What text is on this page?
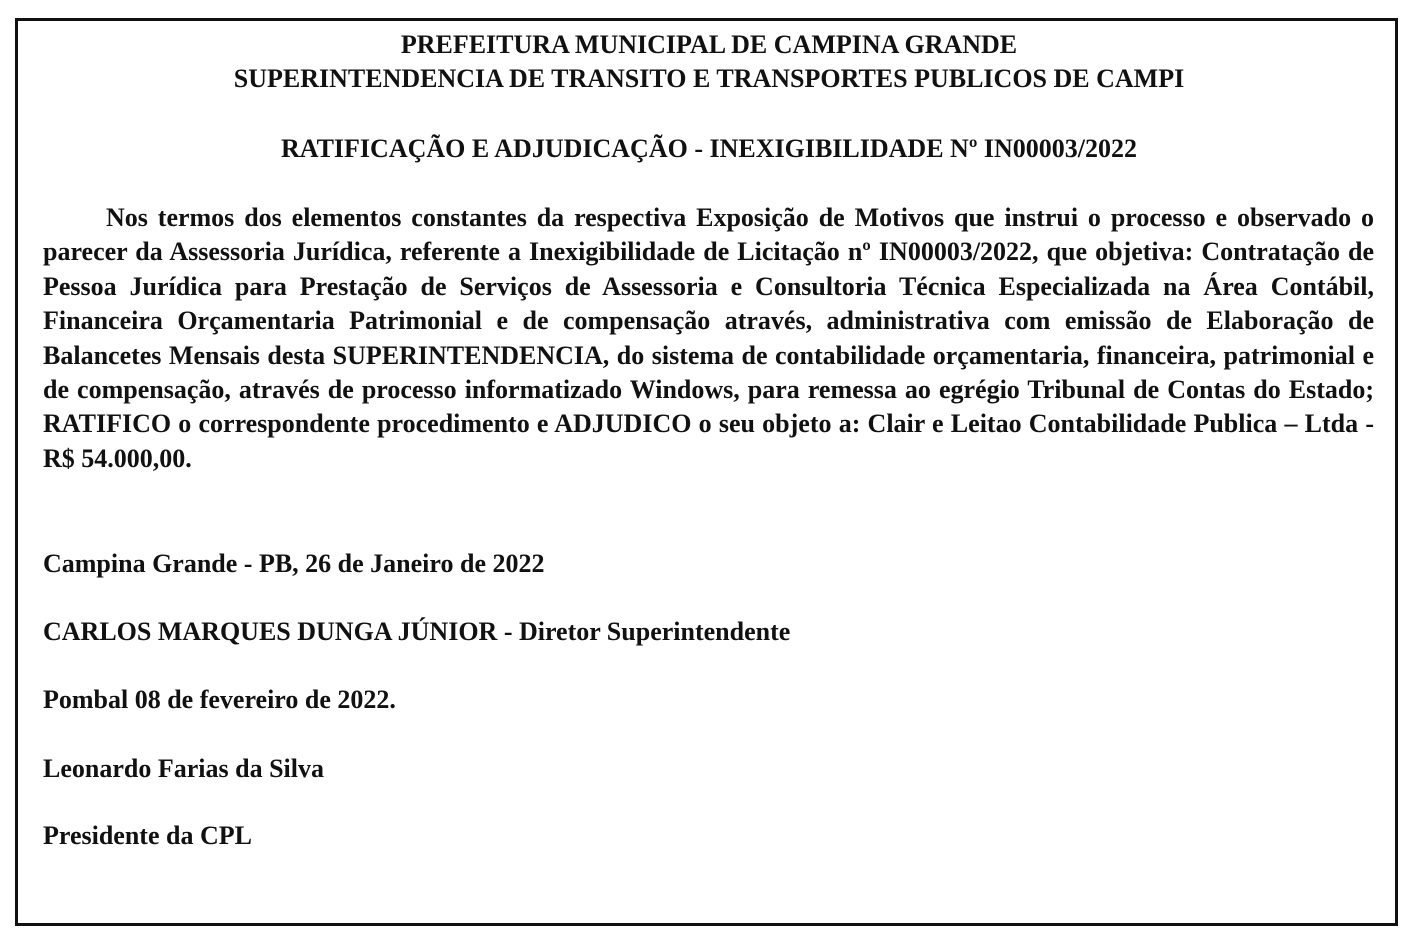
PREFEITURA MUNICIPAL DE CAMPINA GRANDE
SUPERINTENDENCIA DE TRANSITO E TRANSPORTES PUBLICOS DE CAMPI
RATIFICAÇÃO E ADJUDICAÇÃO - INEXIGIBILIDADE Nº IN00003/2022

Nos termos dos elementos constantes da respectiva Exposição de Motivos que instrui o processo e observado o parecer da Assessoria Jurídica, referente a Inexigibilidade de Licitação nº IN00003/2022, que objetiva: Contratação de Pessoa Jurídica para Prestação de Serviços de Assessoria e Consultoria Técnica Especializada na Área Contábil, Financeira Orçamentaria Patrimonial e de compensação através, administrativa com emissão de Elaboração de Balancetes Mensais desta SUPERINTENDENCIA, do sistema de contabilidade orçamentaria, financeira, patrimonial e de compensação, através de processo informatizado Windows, para remessa ao egrégio Tribunal de Contas do Estado; RATIFICO o correspondente procedimento e ADJUDICO o seu objeto a: Clair e Leitao Contabilidade Publica – Ltda - R$ 54.000,00.

Campina Grande - PB, 26 de Janeiro de 2022
CARLOS MARQUES DUNGA JÚNIOR - Diretor Superintendente
Pombal 08 de fevereiro de 2022.
Leonardo Farias da Silva
Presidente da CPL
